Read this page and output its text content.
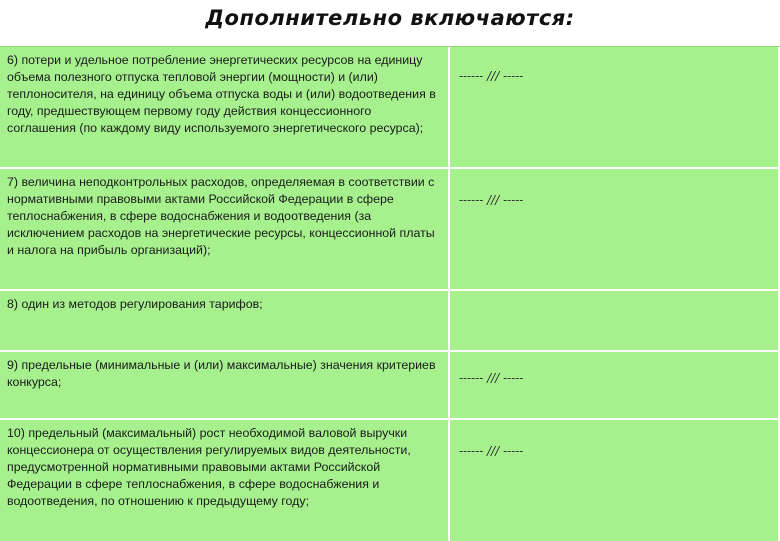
Дополнительно включаются:
6) потери и удельное потребление энергетических ресурсов на единицу объема полезного отпуска тепловой энергии (мощности) и (или) теплоносителя, на единицу объема отпуска воды и (или) водоотведения в году, предшествующем первому году действия концессионного соглашения (по каждому виду используемого энергетического ресурса);
------ /// -----
7) величина неподконтрольных расходов, определяемая в соответствии с нормативными правовыми актами Российской Федерации в сфере теплоснабжения, в сфере водоснабжения и водоотведения (за исключением расходов на энергетические ресурсы, концессионной платы и налога на прибыль организаций);
------ /// -----
8) один из методов регулирования тарифов;
9) предельные (минимальные и (или) максимальные) значения критериев конкурса;	------ /// -----
10) предельный (максимальный) рост необходимой валовой выручки концессионера от осуществления регулируемых видов деятельности, предусмотренной нормативными правовыми актами Российской Федерации в сфере теплоснабжения, в сфере водоснабжения и водоотведения, по отношению к предыдущему году;
------ /// -----
